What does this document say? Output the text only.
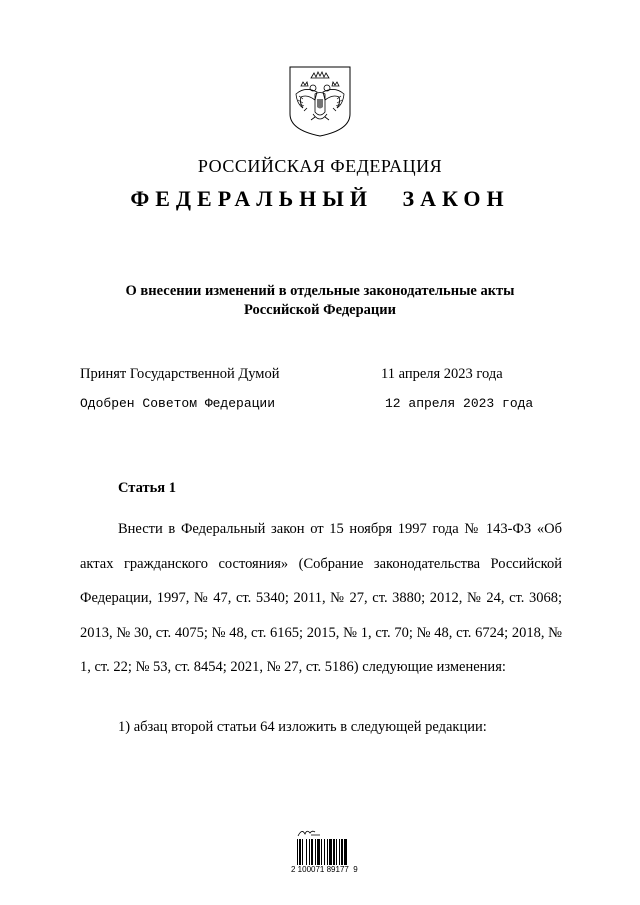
РОССИЙСКАЯ ФЕДЕРАЦИЯ
ФЕДЕРАЛЬНЫЙ ЗАКОН
О внесении изменений в отдельные законодательные акты
Российской Федерации
Принят Государственной Думой	11 апреля 2023 года
Одобрен Советом Федерации	12 апреля 2023 года
Статья 1

Внести в Федеральный закон от 15 ноября 1997 года № 143-ФЗ «Об актах гражданского состояния» (Собрание законодательства Российской Федерации, 1997, № 47, ст. 5340; 2011, № 27, ст. 3880; 2012, № 24, ст. 3068; 2013, № 30, ст. 4075; № 48, ст. 6165; 2015, № 1, ст. 70; № 48, ст. 6724; 2018, № 1, ст. 22; № 53, ст. 8454; 2021, № 27, ст. 5186) следующие изменения:

1) абзац второй статьи 64 изложить в следующей редакции:

2 100071 89177  9
